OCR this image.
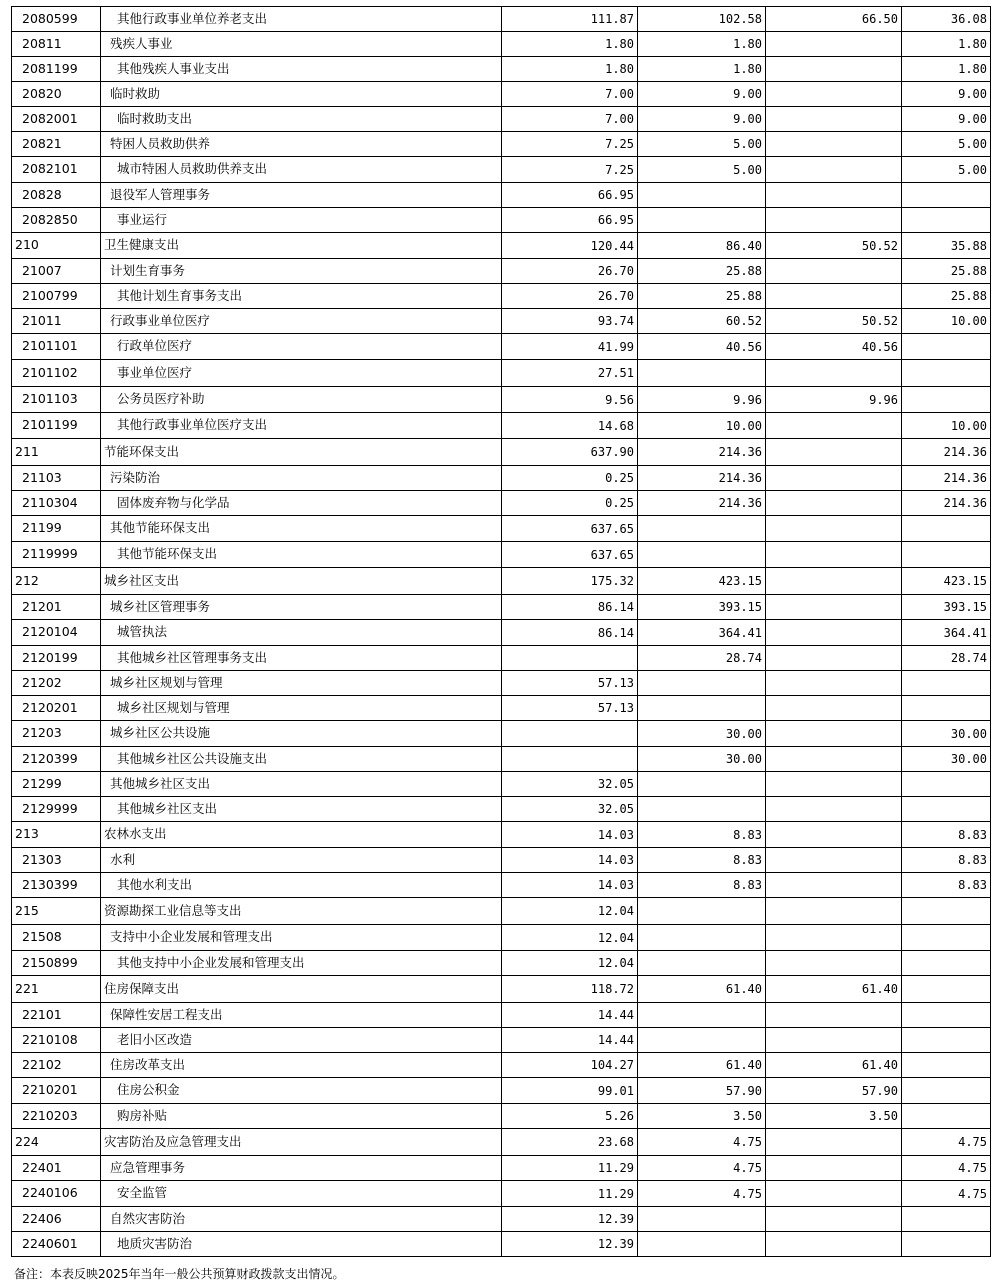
2080599	其他行政事业单位养老支出	111.87	102.58	66.50	36.08
20811	残疾人事业	1.80	1.80		1.80
2081199	其他残疾人事业支出	1.80	1.80		1.80
20820	临时救助	7.00	9.00		9.00
2082001	临时救助支出	7.00	9.00		9.00
20821	特困人员救助供养	7.25	5.00		5.00
2082101	城市特困人员救助供养支出	7.25	5.00		5.00
20828	退役军人管理事务	66.95			
2082850	事业运行	66.95			
210	卫生健康支出	120.44	86.40	50.52	35.88
21007	计划生育事务	26.70	25.88		25.88
2100799	其他计划生育事务支出	26.70	25.88		25.88
21011	行政事业单位医疗	93.74	60.52	50.52	10.00
2101101	行政单位医疗	41.99	40.56	40.56	
2101102	事业单位医疗	27.51			
2101103	公务员医疗补助	9.56	9.96	9.96	
2101199	其他行政事业单位医疗支出	14.68	10.00		10.00
211	节能环保支出	637.90	214.36		214.36
21103	污染防治	0.25	214.36		214.36
2110304	固体废弃物与化学品	0.25	214.36		214.36
21199	其他节能环保支出	637.65			
2119999	其他节能环保支出	637.65			
212	城乡社区支出	175.32	423.15		423.15
21201	城乡社区管理事务	86.14	393.15		393.15
2120104	城管执法	86.14	364.41		364.41
2120199	其他城乡社区管理事务支出		28.74		28.74
21202	城乡社区规划与管理	57.13			
2120201	城乡社区规划与管理	57.13			
21203	城乡社区公共设施		30.00		30.00
2120399	其他城乡社区公共设施支出		30.00		30.00
21299	其他城乡社区支出	32.05			
2129999	其他城乡社区支出	32.05			
213	农林水支出	14.03	8.83		8.83
21303	水利	14.03	8.83		8.83
2130399	其他水利支出	14.03	8.83		8.83
215	资源勘探工业信息等支出	12.04			
21508	支持中小企业发展和管理支出	12.04			
2150899	其他支持中小企业发展和管理支出	12.04			
221	住房保障支出	118.72	61.40	61.40	
22101	保障性安居工程支出	14.44			
2210108	老旧小区改造	14.44			
22102	住房改革支出	104.27	61.40	61.40	
2210201	住房公积金	99.01	57.90	57.90	
2210203	购房补贴	5.26	3.50	3.50	
224	灾害防治及应急管理支出	23.68	4.75		4.75
22401	应急管理事务	11.29	4.75		4.75
2240106	安全监管	11.29	4.75		4.75
22406	自然灾害防治	12.39			
2240601	地质灾害防治	12.39			
备注：本表反映2025年当年一般公共预算财政拨款支出情况。
